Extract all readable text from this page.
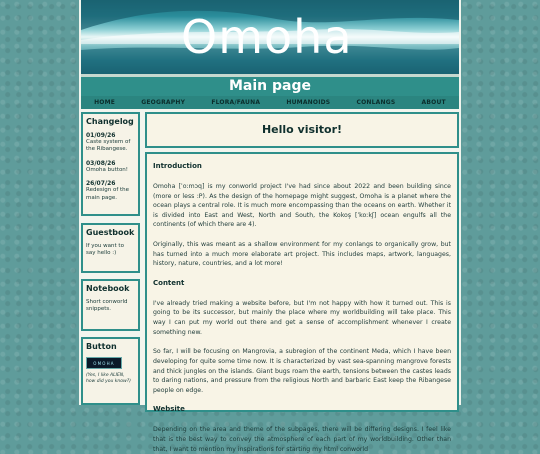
Omoha
Main page
HOME	GEOGRAPHY	FLORA/FAUNA	HUMANOIDS	CONLANGS	ABOUT
Changelog
01/09/26
Caste system of the Ribangese.
03/08/26
Omoha button!
26/07/26
Redesign of the main page.
Guestbook
If you want to say hello :)
Notebook
Short conworld snippets.
Button
OMOHA
(Yes, I like ALIEN, how did you know?)
Hello visitor!
Introduction

Omoha [ˈoːmɔq] is my conworld project I've had since about 2022 and been building since (more or less :P). As the design of the homepage might suggest, Omoha is a planet where the ocean plays a central role. It is much more encompassing than the oceans on earth. Whether it is divided into East and West, North and South, the Kokoş [ˈkoːkʃ] ocean engulfs all the continents (of which there are 4).

Originally, this was meant as a shallow environment for my conlangs to organically grow, but has turned into a much more elaborate art project. This includes maps, artwork, languages, history, nature, countries, and a lot more!

Content

I've already tried making a website before, but I'm not happy with how it turned out. This is going to be its successor, but mainly the place where my worldbuilding will take place. This way I can put my world out there and get a sense of accomplishment whenever I create something new.

So far, I will be focusing on Mangrovia, a subregion of the continent Meda, which I have been developing for quite some time now. It is characterized by vast sea-spanning mangrove forests and thick jungles on the islands. Giant bugs roam the earth, tensions between the castes leads to daring nations, and pressure from the religious North and barbaric East keep the Ribangese people on edge.

Website

Depending on the area and theme of the subpages, there will be differing designs. I feel like that is the best way to convey the atmosphere of each part of my worldbuilding. Other than that, I want to mention my inspirations for starting my html conworld
